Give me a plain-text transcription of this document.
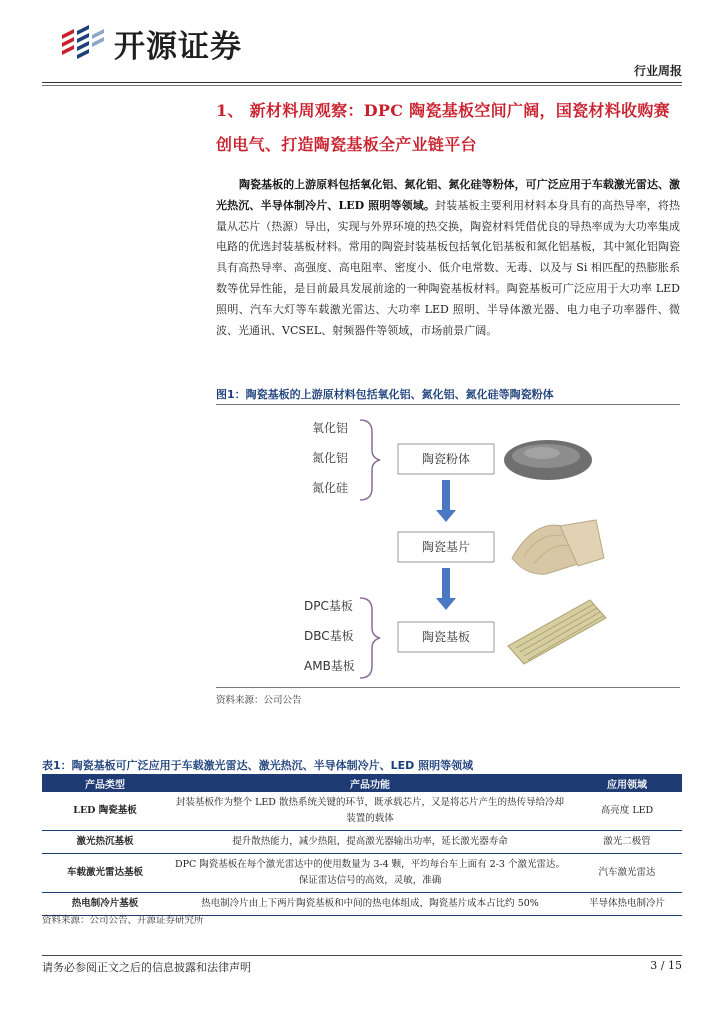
开源证券
行业周报
1、 新材料周观察：DPC 陶瓷基板空间广阔，国瓷材料收购赛
创电气、打造陶瓷基板全产业链平台
陶瓷基板的上游原料包括氧化铝、氮化铝、氮化硅等粉体，可广泛应用于车载激光雷达、激光热沉、半导体制冷片、LED 照明等领域。封装基板主要利用材料本身具有的高热导率，将热量从芯片（热源）导出，实现与外界环境的热交换，陶瓷材料凭借优良的导热率成为大功率集成电路的优选封装基板材料。常用的陶瓷封装基板包括氧化铝基板和氮化铝基板，其中氮化铝陶瓷具有高热导率、高强度、高电阻率、密度小、低介电常数、无毒、以及与 Si 相匹配的热膨胀系数等优异性能，是目前最具发展前途的一种陶瓷基板材料。陶瓷基板可广泛应用于大功率 LED 照明、汽车大灯等车载激光雷达、大功率 LED 照明、半导体激光器、电力电子功率器件、微波、光通讯、VCSEL、射频器件等领域，市场前景广阔。
图1：陶瓷基板的上游原材料包括氧化铝、氮化铝、氮化硅等陶瓷粉体
氧化铝
氮化铝
氮化硅
陶瓷粉体
陶瓷基片
DPC基板
DBC基板
AMB基板
陶瓷基板
资料来源：公司公告
表1：陶瓷基板可广泛应用于车载激光雷达、激光热沉、半导体制冷片、LED 照明等领域
产品类型	产品功能	应用领域
LED 陶瓷基板	封装基板作为整个 LED 散热系统关键的环节，既承载芯片，又是将芯片产生的热传导给冷却装置的载体	高亮度 LED
激光热沉基板	提升散热能力，减少热阻，提高激光器输出功率，延长激光器寿命	激光二极管
车载激光雷达基板	DPC 陶瓷基板在每个激光雷达中的使用数量为 3-4 颗，平均每台车上面有 2-3 个激光雷达。保证雷达信号的高效，灵敏，准确	汽车激光雷达
热电制冷片基板	热电制冷片由上下两片陶瓷基板和中间的热电体组成，陶瓷基片成本占比约 50%	半导体热电制冷片
资料来源：公司公告、开源证券研究所
请务必参阅正文之后的信息披露和法律声明	3 / 15
